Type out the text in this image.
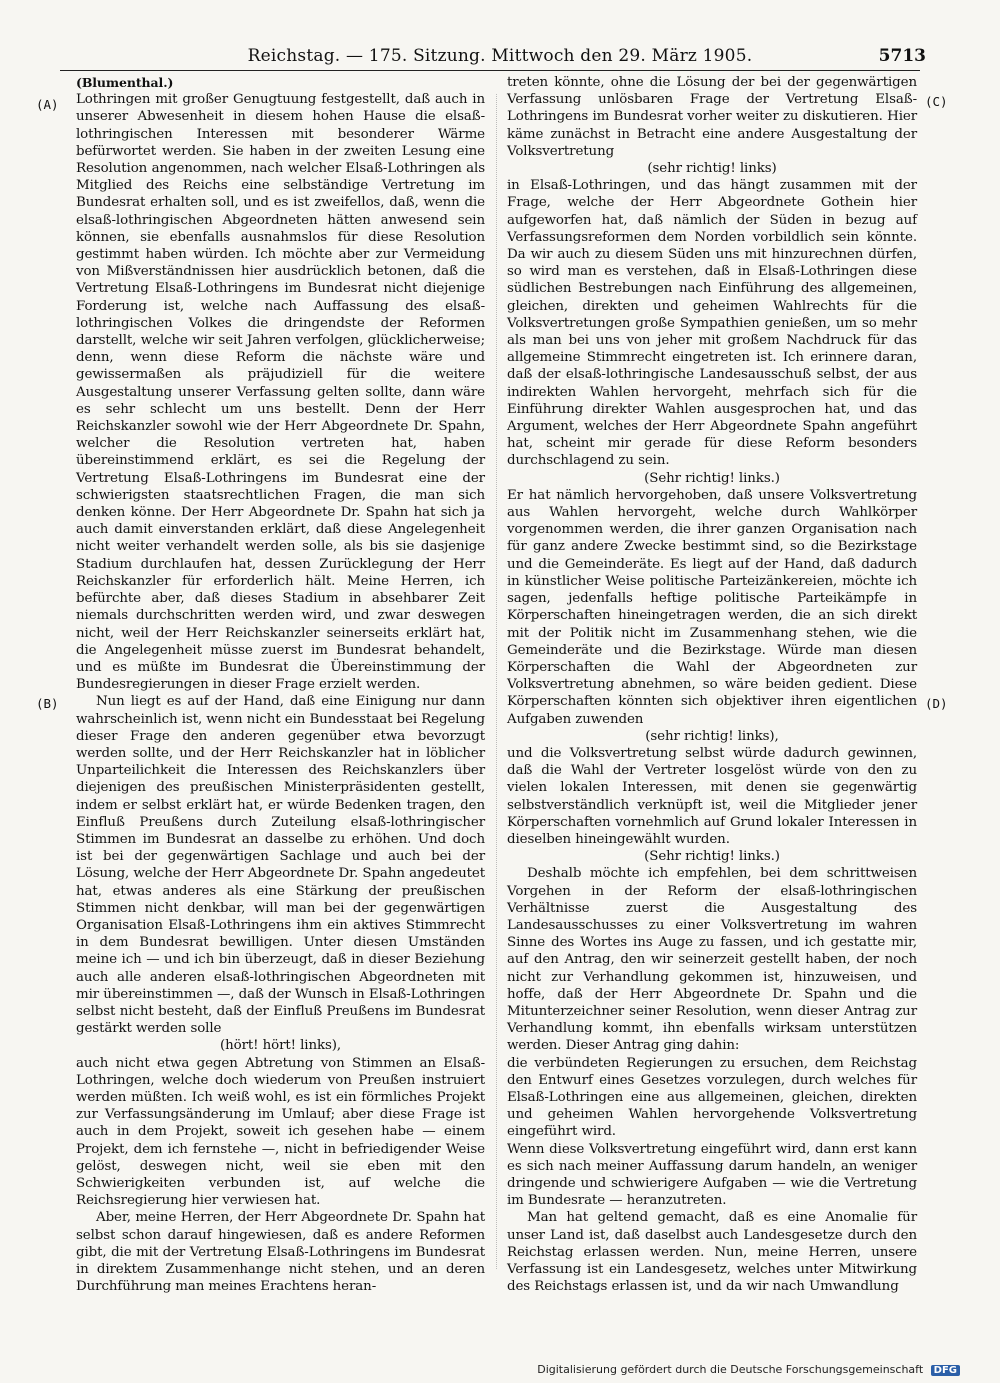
Reichstag. — 175. Sitzung. Mittwoch den 29. März 1905.	5713
(A)
(B)
(C)
(D)

(Blumenthal.)

Lothringen mit großer Genugtuung festgestellt, daß auch in unserer Abwesenheit in diesem hohen Hause die elsaß-lothringischen Interessen mit besonderer Wärme befürwortet werden. Sie haben in der zweiten Lesung eine Resolution angenommen, nach welcher Elsaß-Lothringen als Mitglied des Reichs eine selbständige Vertretung im Bundesrat erhalten soll, und es ist zweifellos, daß, wenn die elsaß-lothringischen Abgeordneten hätten anwesend sein können, sie ebenfalls ausnahmslos für diese Resolution gestimmt haben würden. Ich möchte aber zur Vermeidung von Mißverständnissen hier ausdrücklich betonen, daß die Vertretung Elsaß-Lothringens im Bundesrat nicht diejenige Forderung ist, welche nach Auffassung des elsaß-lothringischen Volkes die dringendste der Reformen darstellt, welche wir seit Jahren verfolgen, glücklicherweise; denn, wenn diese Reform die nächste wäre und gewissermaßen als präjudiziell für die weitere Ausgestaltung unserer Verfassung gelten sollte, dann wäre es sehr schlecht um uns bestellt. Denn der Herr Reichskanzler sowohl wie der Herr Abgeordnete Dr. Spahn, welcher die Resolution vertreten hat, haben übereinstimmend erklärt, es sei die Regelung der Vertretung Elsaß-Lothringens im Bundesrat eine der schwierigsten staatsrechtlichen Fragen, die man sich denken könne. Der Herr Abgeordnete Dr. Spahn hat sich ja auch damit einverstanden erklärt, daß diese Angelegenheit nicht weiter verhandelt werden solle, als bis sie dasjenige Stadium durchlaufen hat, dessen Zurücklegung der Herr Reichskanzler für erforderlich hält. Meine Herren, ich befürchte aber, daß dieses Stadium in absehbarer Zeit niemals durchschritten werden wird, und zwar deswegen nicht, weil der Herr Reichskanzler seinerseits erklärt hat, die Angelegenheit müsse zuerst im Bundesrat behandelt, und es müßte im Bundesrat die Übereinstimmung der Bundesregierungen in dieser Frage erzielt werden.

Nun liegt es auf der Hand, daß eine Einigung nur dann wahrscheinlich ist, wenn nicht ein Bundesstaat bei Regelung dieser Frage den anderen gegenüber etwa bevorzugt werden sollte, und der Herr Reichskanzler hat in löblicher Unparteilichkeit die Interessen des Reichskanzlers über diejenigen des preußischen Ministerpräsidenten gestellt, indem er selbst erklärt hat, er würde Bedenken tragen, den Einfluß Preußens durch Zuteilung elsaß-lothringischer Stimmen im Bundesrat an dasselbe zu erhöhen. Und doch ist bei der gegenwärtigen Sachlage und auch bei der Lösung, welche der Herr Abgeordnete Dr. Spahn angedeutet hat, etwas anderes als eine Stärkung der preußischen Stimmen nicht denkbar, will man bei der gegenwärtigen Organisation Elsaß-Lothringens ihm ein aktives Stimmrecht in dem Bundesrat bewilligen. Unter diesen Umständen meine ich — und ich bin überzeugt, daß in dieser Beziehung auch alle anderen elsaß-lothringischen Abgeordneten mit mir übereinstimmen —, daß der Wunsch in Elsaß-Lothringen selbst nicht besteht, daß der Einfluß Preußens im Bundesrat gestärkt werden solle

(hört! hört! links),

auch nicht etwa gegen Abtretung von Stimmen an Elsaß-Lothringen, welche doch wiederum von Preußen instruiert werden müßten. Ich weiß wohl, es ist ein förmliches Projekt zur Verfassungsänderung im Umlauf; aber diese Frage ist auch in dem Projekt, soweit ich gesehen habe — einem Projekt, dem ich fernstehe —, nicht in befriedigender Weise gelöst, deswegen nicht, weil sie eben mit den Schwierigkeiten verbunden ist, auf welche die Reichsregierung hier verwiesen hat.

Aber, meine Herren, der Herr Abgeordnete Dr. Spahn hat selbst schon darauf hingewiesen, daß es andere Reformen gibt, die mit der Vertretung Elsaß-Lothringens im Bundesrat in direktem Zusammenhange nicht stehen, und an deren Durchführung man meines Erachtens heran-

treten könnte, ohne die Lösung der bei der gegenwärtigen Verfassung unlösbaren Frage der Vertretung Elsaß-Lothringens im Bundesrat vorher weiter zu diskutieren. Hier käme zunächst in Betracht eine andere Ausgestaltung der Volksvertretung

(sehr richtig! links)

in Elsaß-Lothringen, und das hängt zusammen mit der Frage, welche der Herr Abgeordnete Gothein hier aufgeworfen hat, daß nämlich der Süden in bezug auf Verfassungsreformen dem Norden vorbildlich sein könnte. Da wir auch zu diesem Süden uns mit hinzurechnen dürfen, so wird man es verstehen, daß in Elsaß-Lothringen diese südlichen Bestrebungen nach Einführung des allgemeinen, gleichen, direkten und geheimen Wahlrechts für die Volksvertretungen große Sympathien genießen, um so mehr als man bei uns von jeher mit großem Nachdruck für das allgemeine Stimmrecht eingetreten ist. Ich erinnere daran, daß der elsaß-lothringische Landesausschuß selbst, der aus indirekten Wahlen hervorgeht, mehrfach sich für die Einführung direkter Wahlen ausgesprochen hat, und das Argument, welches der Herr Abgeordnete Spahn angeführt hat, scheint mir gerade für diese Reform besonders durchschlagend zu sein.

(Sehr richtig! links.)

Er hat nämlich hervorgehoben, daß unsere Volksvertretung aus Wahlen hervorgeht, welche durch Wahlkörper vorgenommen werden, die ihrer ganzen Organisation nach für ganz andere Zwecke bestimmt sind, so die Bezirkstage und die Gemeinderäte. Es liegt auf der Hand, daß dadurch in künstlicher Weise politische Parteizänkereien, möchte ich sagen, jedenfalls heftige politische Parteikämpfe in Körperschaften hineingetragen werden, die an sich direkt mit der Politik nicht im Zusammenhang stehen, wie die Gemeinderäte und die Bezirkstage. Würde man diesen Körperschaften die Wahl der Abgeordneten zur Volksvertretung abnehmen, so wäre beiden gedient. Diese Körperschaften könnten sich objektiver ihren eigentlichen Aufgaben zuwenden

(sehr richtig! links),

und die Volksvertretung selbst würde dadurch gewinnen, daß die Wahl der Vertreter losgelöst würde von den zu vielen lokalen Interessen, mit denen sie gegenwärtig selbstverständlich verknüpft ist, weil die Mitglieder jener Körperschaften vornehmlich auf Grund lokaler Interessen in dieselben hineingewählt wurden.

(Sehr richtig! links.)

Deshalb möchte ich empfehlen, bei dem schrittweisen Vorgehen in der Reform der elsaß-lothringischen Verhältnisse zuerst die Ausgestaltung des Landesausschusses zu einer Volksvertretung im wahren Sinne des Wortes ins Auge zu fassen, und ich gestatte mir, auf den Antrag, den wir seinerzeit gestellt haben, der noch nicht zur Verhandlung gekommen ist, hinzuweisen, und hoffe, daß der Herr Abgeordnete Dr. Spahn und die Mitunterzeichner seiner Resolution, wenn dieser Antrag zur Verhandlung kommt, ihn ebenfalls wirksam unterstützen werden. Dieser Antrag ging dahin:

die verbündeten Regierungen zu ersuchen, dem Reichstag den Entwurf eines Gesetzes vorzulegen, durch welches für Elsaß-Lothringen eine aus allgemeinen, gleichen, direkten und geheimen Wahlen hervorgehende Volksvertretung eingeführt wird.

Wenn diese Volksvertretung eingeführt wird, dann erst kann es sich nach meiner Auffassung darum handeln, an weniger dringende und schwierigere Aufgaben — wie die Vertretung im Bundesrate — heranzutreten.

Man hat geltend gemacht, daß es eine Anomalie für unser Land ist, daß daselbst auch Landesgesetze durch den Reichstag erlassen werden. Nun, meine Herren, unsere Verfassung ist ein Landesgesetz, welches unter Mitwirkung des Reichstags erlassen ist, und da wir nach Umwandlung

Digitalisierung gefördert durch die Deutsche Forschungsgemeinschaft DFG
